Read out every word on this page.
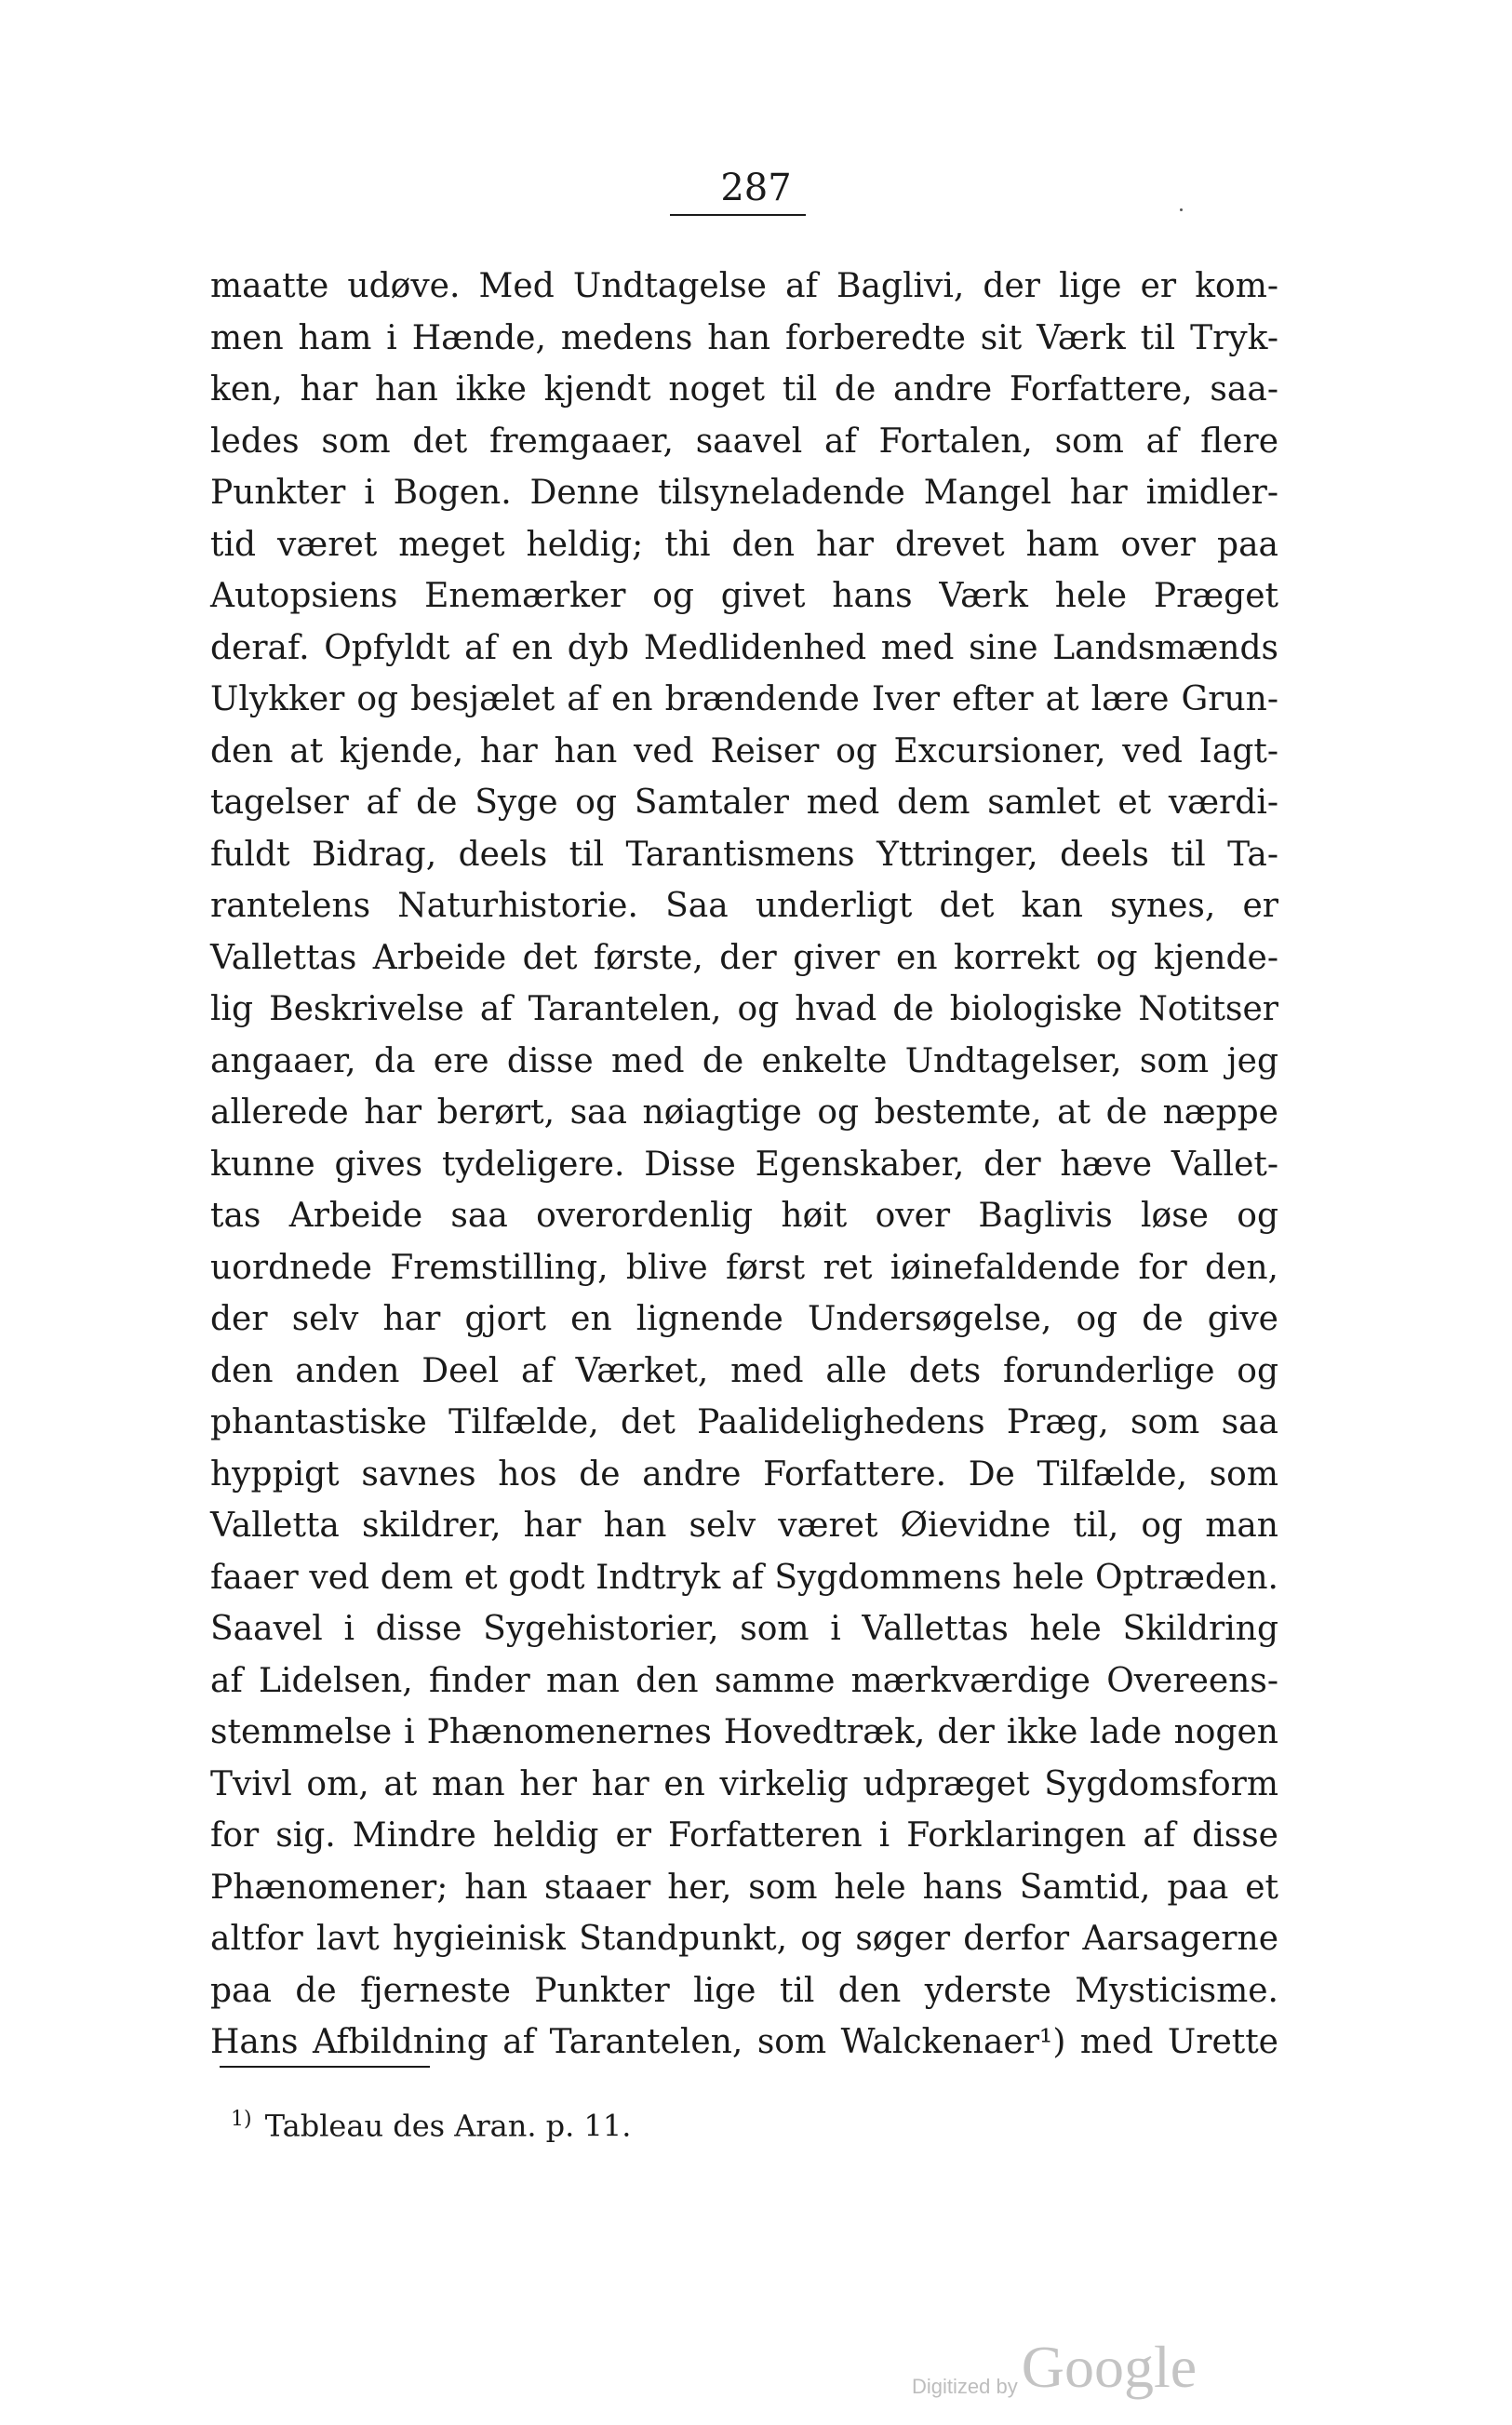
287
maatte udøve. Med Undtagelse af Baglivi, der lige er kom-
men ham i Hænde, medens han forberedte sit Værk til Tryk-
ken, har han ikke kjendt noget til de andre Forfattere, saa-
ledes som det fremgaaer, saavel af Fortalen, som af flere
Punkter i Bogen. Denne tilsyneladende Mangel har imidler-
tid været meget heldig; thi den har drevet ham over paa
Autopsiens Enemærker og givet hans Værk hele Præget
deraf. Opfyldt af en dyb Medlidenhed med sine Landsmænds
Ulykker og besjælet af en brændende Iver efter at lære Grun-
den at kjende, har han ved Reiser og Excursioner, ved Iagt-
tagelser af de Syge og Samtaler med dem samlet et værdi-
fuldt Bidrag, deels til Tarantismens Yttringer, deels til Ta-
rantelens Naturhistorie. Saa underligt det kan synes, er
Vallettas Arbeide det første, der giver en korrekt og kjende-
lig Beskrivelse af Tarantelen, og hvad de biologiske Notitser
angaaer, da ere disse med de enkelte Undtagelser, som jeg
allerede har berørt, saa nøiagtige og bestemte, at de næppe
kunne gives tydeligere. Disse Egenskaber, der hæve Vallet-
tas Arbeide saa overordenlig høit over Baglivis løse og
uordnede Fremstilling, blive først ret iøinefaldende for den,
der selv har gjort en lignende Undersøgelse, og de give
den anden Deel af Værket, med alle dets forunderlige og
phantastiske Tilfælde, det Paalidelighedens Præg, som saa
hyppigt savnes hos de andre Forfattere. De Tilfælde, som
Valletta skildrer, har han selv været Øievidne til, og man
faaer ved dem et godt Indtryk af Sygdommens hele Optræden.
Saavel i disse Sygehistorier, som i Vallettas hele Skildring
af Lidelsen, finder man den samme mærkværdige Overeens-
stemmelse i Phænomenernes Hovedtræk, der ikke lade nogen
Tvivl om, at man her har en virkelig udpræget Sygdomsform
for sig. Mindre heldig er Forfatteren i Forklaringen af disse
Phænomener; han staaer her, som hele hans Samtid, paa et
altfor lavt hygieinisk Standpunkt, og søger derfor Aarsagerne
paa de fjerneste Punkter lige til den yderste Mysticisme.
Hans Afbildning af Tarantelen, som Walckenaer¹) med Urette
$^{1)}$ Tableau des Aran. p. 11.
Digitized by Google
